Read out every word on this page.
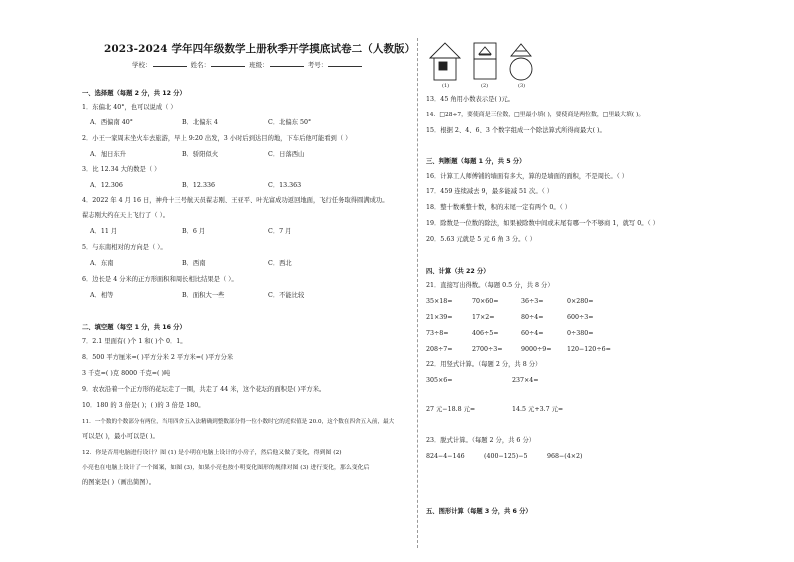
2023-2024 学年四年级数学上册秋季开学摸底试卷二（人教版）
学校：	姓名：	班级：	考号：
一、选择题（每题 2 分，共 12 分）
1．东偏北 40°，也可以说成（ ）
A．西偏南 40°	B．北偏东 4	C．北偏东 50°
2．小王一家周末坐火车去旅游，早上 9:20 出发，3 小时后到达目的地，下车后他可能看到（ ）
A．旭日东升	B．骄阳似火	C．日落西山
3．比 12.34 大的数是（ ）
A．12.306	B．12.336	C．13.363
4．2022 年 4 月 16 日，神舟十三号航天员翟志刚、王亚平、叶光富成功返回地面，飞行任务取得圆满成功。
翟志刚大约在天上飞行了（ ）。
A．11 月	B．6 月	C．7 月
5．与东南相对的方向是（ ）。
A．东南	B．西南	C．西北
6．边长是 4 分米的正方形面积和周长相比结果是（ ）。
A．相等	B．面积大一些	C．不能比较
二、填空题（每空 1 分，共 16 分）
7．2.1 里面有( )个 1 和( )个 0．1。
8．500 平方厘米=( )平方分米 2 平方米=( )平方分米
3 千克=( )克 8000 千克=( )吨
9．农农沿着一个正方形的花坛走了一圈，共走了 44 米，这个花坛的面积是( )平方米。
10．180 的 3 倍是( )；( )的 3 倍是 180。
11．一个数的个数部分有两位，当用四舍五入法精确到整数部分得一位小数时它的近似值是 20.0，这个数在四舍五入前，最大
可以是( )，最小可以是( )。
12．你是否用电脑进行设计？图 (1) 是小明在电脑上设计的小房子，然后他又做了变化，得到图 (2)
小亮也在电脑上设计了一个图案，如图 (3)，如果小亮也按小明变化图形的规律对图 (3) 进行变化，那么变化后
的图案是( )（画出简图）。
(1)	(2)	(3)
13．45 角用小数表示是( )元。
14．□28÷7，要使商是三位数，□里最小填( )，要使商是两位数，□里最大填( )。
15．根据 2、4、6、3 个数字组成一个除法算式所得商最大( )。
三、判断题（每题 1 分，共 5 分）
16．计算工人师傅铺的墙面有多大，算的是墙面的面积，不是周长。（ ）
17．459 连续减去 9，最多能减 51 次。（ ）
18．整十数乘整十数，积的末尾一定有两个 0。（ ）
19．除数是一位数的除法，如果被除数中间或末尾有哪一个不够商 1，就写 0。（ ）
20．5.63 元就是 5 元 6 角 3 分。（ ）
四、计算（共 22 分）
21．直接写出得数。（每题 0.5 分，共 8 分）
35×18=	70×60=	36÷3=	0×280=
21×39=	17×2=	80÷4=	600÷3=
73÷8=	406÷5=	60÷4=	0÷380=
208÷7=	2700÷3=	9000÷9= 120−120÷6=
22．用竖式计算。（每题 2 分，共 8 分）
305×6=	237×4=
27 元−18.8 元=	14.5 元+3.7 元=
23．脱式计算。（每题 2 分，共 6 分）
824−4−146	(400−125)−5	968−(4×2)
五、图形计算（每题 3 分，共 6 分）
